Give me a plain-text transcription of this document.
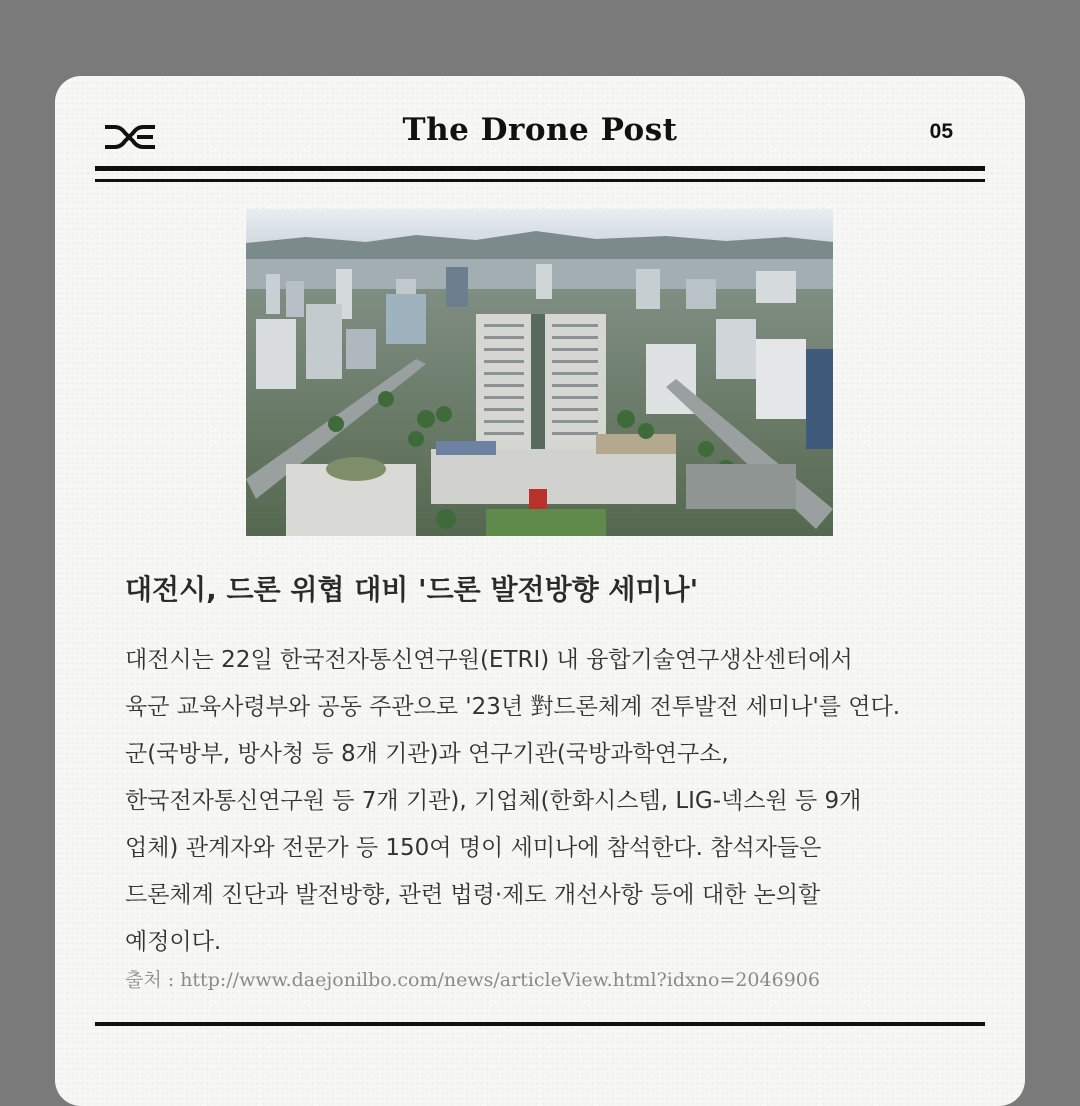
The Drone Post	05
대전시, 드론 위협 대비 '드론 발전방향 세미나'
대전시는 22일 한국전자통신연구원(ETRI) 내 융합기술연구생산센터에서
육군 교육사령부와 공동 주관으로 '23년 對드론체계 전투발전 세미나'를 연다.
군(국방부, 방사청 등 8개 기관)과 연구기관(국방과학연구소,
한국전자통신연구원 등 7개 기관), 기업체(한화시스템, LIG-넥스원 등 9개
업체) 관계자와 전문가 등 150여 명이 세미나에 참석한다. 참석자들은
드론체계 진단과 발전방향, 관련 법령·제도 개선사항 등에 대한 논의할
예정이다.
출처 : http://www.daejonilbo.com/news/articleView.html?idxno=2046906
